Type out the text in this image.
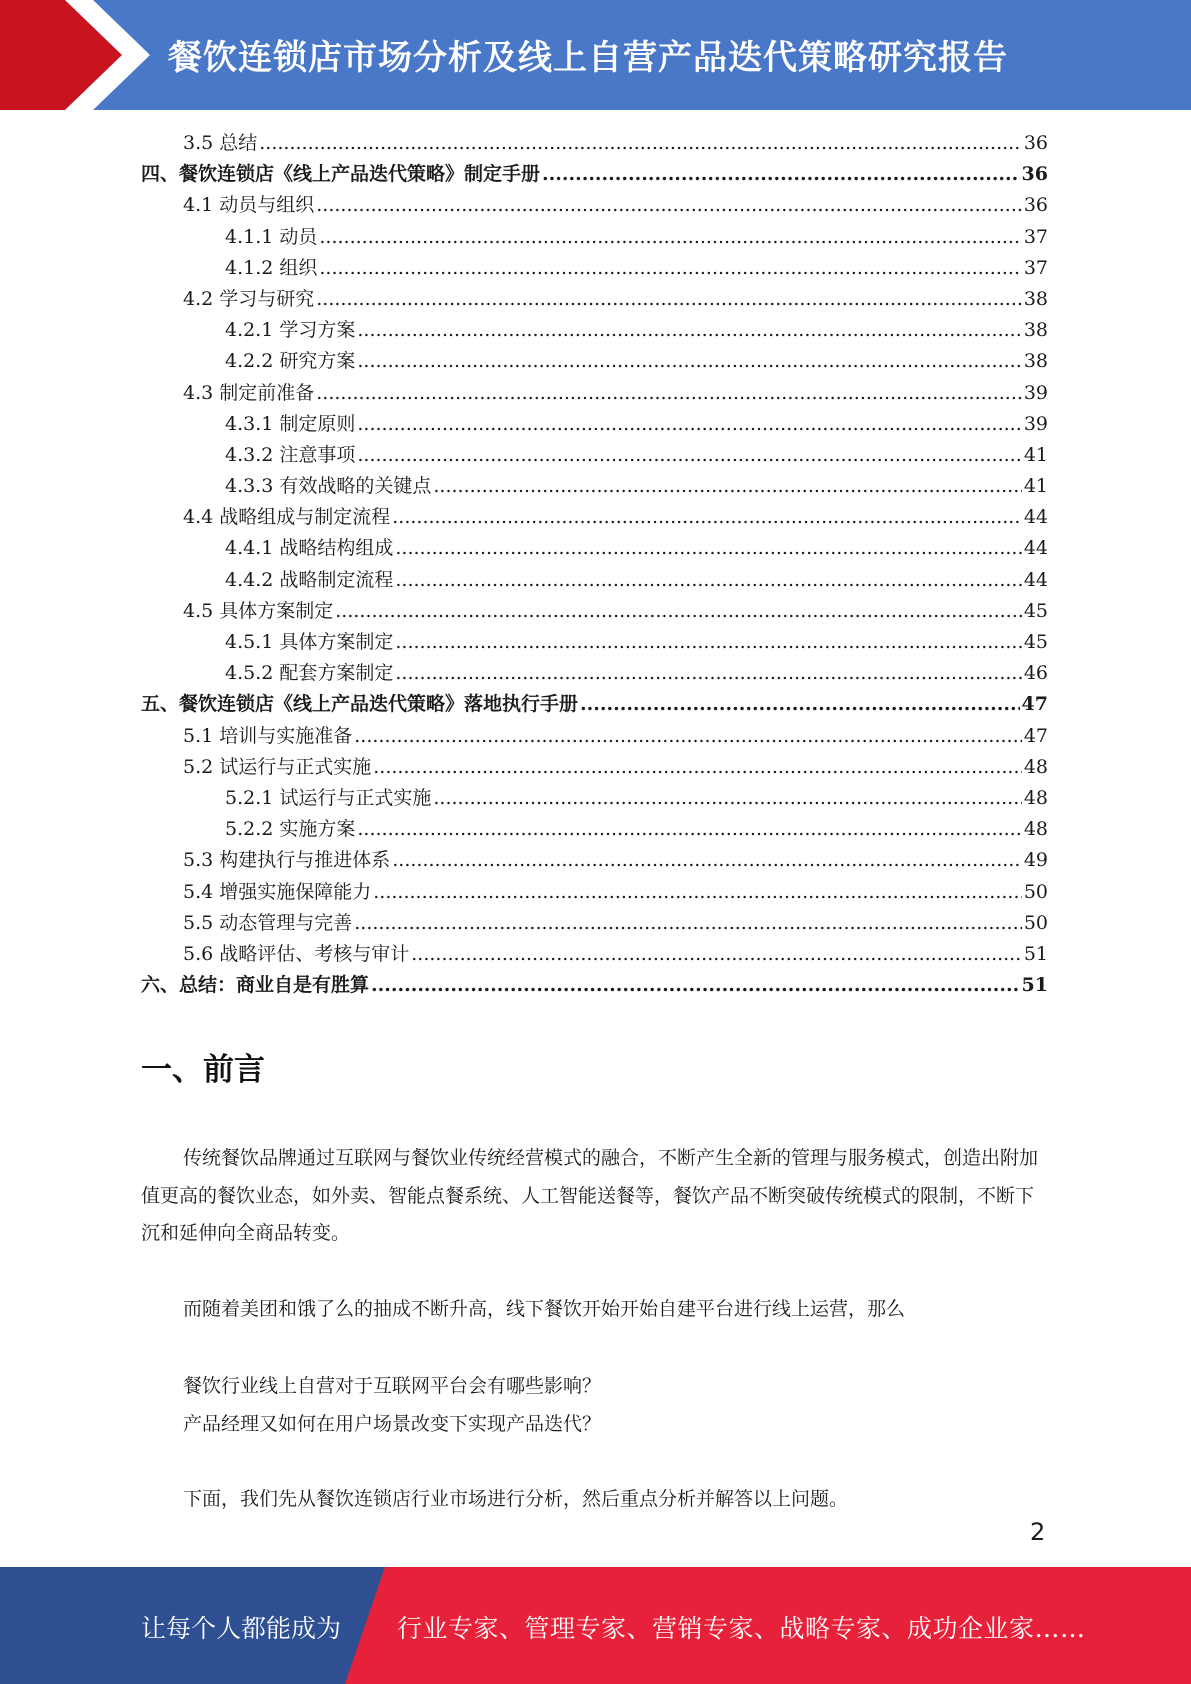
餐饮连锁店市场分析及线上自营产品迭代策略研究报告
3.5 总结 .....	36
四、餐饮连锁店《线上产品迭代策略》制定手册 .....	36
4.1 动员与组织 .....	36
4.1.1 动员 .....	37
4.1.2 组织 .....	37
4.2 学习与研究 .....	38
4.2.1 学习方案 .....	38
4.2.2 研究方案 .....	38
4.3 制定前准备 .....	39
4.3.1 制定原则 .....	39
4.3.2 注意事项 .....	41
4.3.3 有效战略的关键点 .....	41
4.4 战略组成与制定流程 .....	44
4.4.1 战略结构组成 .....	44
4.4.2 战略制定流程 .....	44
4.5 具体方案制定 .....	45
4.5.1 具体方案制定 .....	45
4.5.2 配套方案制定 .....	46
五、餐饮连锁店《线上产品迭代策略》落地执行手册 .....	47
5.1 培训与实施准备 .....	47
5.2 试运行与正式实施 .....	48
5.2.1 试运行与正式实施 .....	48
5.2.2 实施方案 .....	48
5.3 构建执行与推进体系 .....	49
5.4 增强实施保障能力 .....	50
5.5 动态管理与完善 .....	50
5.6 战略评估、考核与审计 .....	51
六、总结：商业自是有胜算 .....	51
一、前言
传统餐饮品牌通过互联网与餐饮业传统经营模式的融合，不断产生全新的管理与服务模式，创造出附加值更高的餐饮业态，如外卖、智能点餐系统、人工智能送餐等，餐饮产品不断突破传统模式的限制，不断下沉和延伸向全商品转变。
而随着美团和饿了么的抽成不断升高，线下餐饮开始开始自建平台进行线上运营，那么
餐饮行业线上自营对于互联网平台会有哪些影响？
产品经理又如何在用户场景改变下实现产品迭代？
下面，我们先从餐饮连锁店行业市场进行分析，然后重点分析并解答以上问题。
2
让每个人都能成为 行业专家、管理专家、营销专家、战略专家、成功企业家……
